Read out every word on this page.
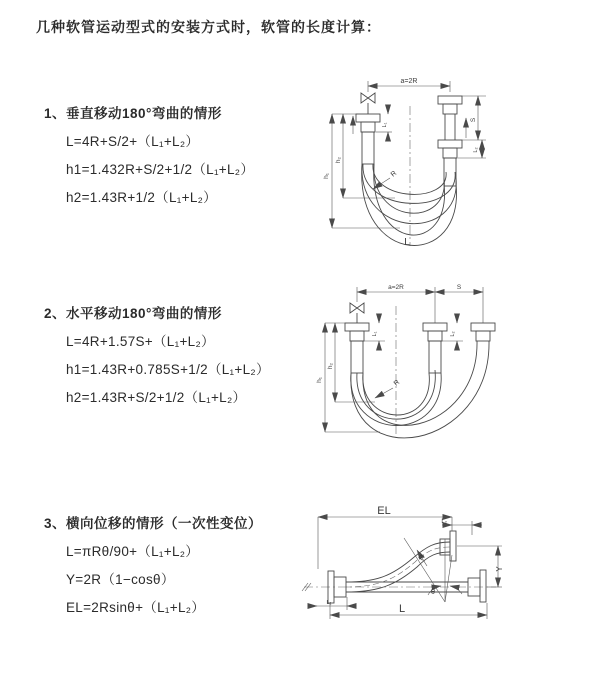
几种软管运动型式的安装方式时，软管的长度计算：
1、垂直移动180°弯曲的情形

L=4R+S/2+（L₁+L₂）

h1=1.432R+S/2+1/2（L₁+L₂）

h2=1.43R+1/2（L₁+L₂）

2、水平移动180°弯曲的情形

L=4R+1.57S+（L₁+L₂）

h1=1.43R+0.785S+1/2（L₁+L₂）

h2=1.43R+S/2+1/2（L₁+L₂）

3、横向位移的情形（一次性变位）

L=πRθ/90+（L₁+L₂）

Y=2R（1−cosθ）

EL=2Rsinθ+（L₁+L₂）

a=2R
h₁
h₂
L₁
S
L₂
R
L
a=2R	S
h₁
h₂
L₁	L₂
R
EL
L₂
Y
L
L₁
R
θ
